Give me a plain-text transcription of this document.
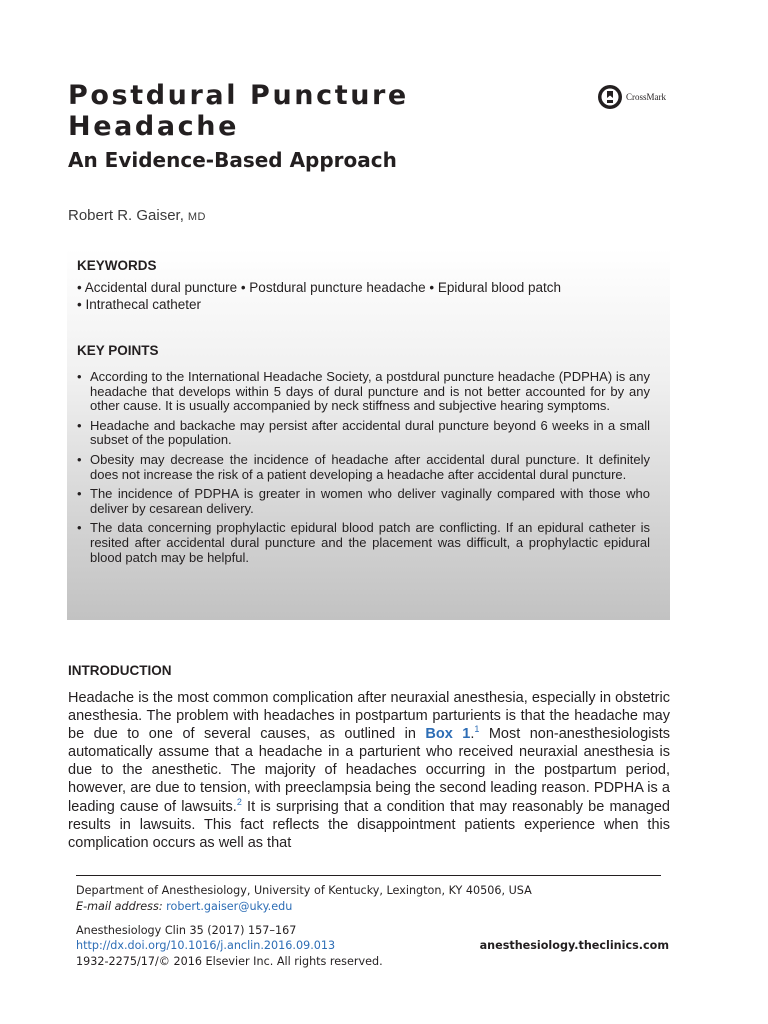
Postdural Puncture
Headache
An Evidence-Based Approach
CrossMark
Robert R. Gaiser, MD
KEYWORDS
• Accidental dural puncture • Postdural puncture headache • Epidural blood patch
• Intrathecal catheter
KEY POINTS
• According to the International Headache Society, a postdural puncture headache (PDPHA) is any headache that develops within 5 days of dural puncture and is not better accounted for by any other cause. It is usually accompanied by neck stiffness and subjective hearing symptoms.
• Headache and backache may persist after accidental dural puncture beyond 6 weeks in a small subset of the population.
• Obesity may decrease the incidence of headache after accidental dural puncture. It definitely does not increase the risk of a patient developing a headache after accidental dural puncture.
• The incidence of PDPHA is greater in women who deliver vaginally compared with those who deliver by cesarean delivery.
• The data concerning prophylactic epidural blood patch are conflicting. If an epidural catheter is resited after accidental dural puncture and the placement was difficult, a prophylactic epidural blood patch may be helpful.
INTRODUCTION

Headache is the most common complication after neuraxial anesthesia, especially in obstetric anesthesia. The problem with headaches in postpartum parturients is that the headache may be due to one of several causes, as outlined in Box 1.$^1$ Most non-anesthesiologists automatically assume that a headache in a parturient who received neuraxial anesthesia is due to the anesthetic. The majority of headaches occurring in the postpartum period, however, are due to tension, with preeclampsia being the second leading reason. PDPHA is a leading cause of lawsuits.$^2$ It is surprising that a condition that may reasonably be managed results in lawsuits. This fact reflects the disappointment patients experience when this complication occurs as well as that

Department of Anesthesiology, University of Kentucky, Lexington, KY 40506, USA
E-mail address: robert.gaiser@uky.edu
Anesthesiology Clin 35 (2017) 157–167
http://dx.doi.org/10.1016/j.anclin.2016.09.013
1932-2275/17/© 2016 Elsevier Inc. All rights reserved.
anesthesiology.theclinics.com
